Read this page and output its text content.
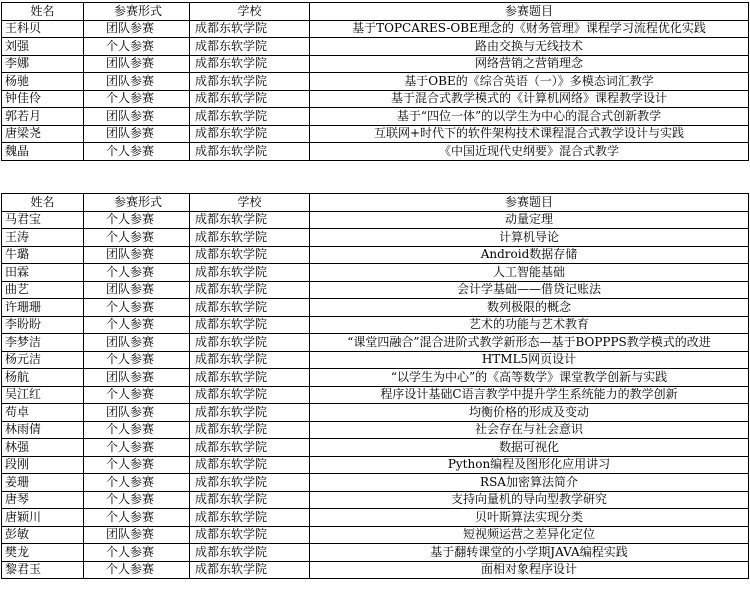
姓名	参赛形式	学校	参赛题目
王科贝	团队参赛	成都东软学院	基于TOPCARES-OBE理念的《财务管理》课程学习流程优化实践
刘强	个人参赛	成都东软学院	路由交换与无线技术
李娜	团队参赛	成都东软学院	网络营销之营销理念
杨驰	团队参赛	成都东软学院	基于OBE的《综合英语（一）》多模态词汇教学
钟佳伶	个人参赛	成都东软学院	基于混合式教学模式的《计算机网络》课程教学设计
郭若月	团队参赛	成都东软学院	基于“四位一体”的以学生为中心的混合式创新教学
唐梁尧	团队参赛	成都东软学院	互联网+时代下的软件架构技术课程混合式教学设计与实践
魏晶	个人参赛	成都东软学院	《中国近现代史纲要》混合式教学
姓名	参赛形式	学校	参赛题目
马君宝	个人参赛	成都东软学院	动量定理
王涛	个人参赛	成都东软学院	计算机导论
牛璐	团队参赛	成都东软学院	Android数据存储
田霖	个人参赛	成都东软学院	人工智能基础
曲艺	团队参赛	成都东软学院	会计学基础——借贷记账法
许珊珊	个人参赛	成都东软学院	数列极限的概念
李盼盼	个人参赛	成都东软学院	艺术的功能与艺术教育
李梦洁	团队参赛	成都东软学院	“课堂四融合”混合进阶式教学新形态—基于BOPPPS教学模式的改进
杨元洁	个人参赛	成都东软学院	HTML5网页设计
杨航	团队参赛	成都东软学院	“以学生为中心”的《高等数学》课堂教学创新与实践
吴江红	个人参赛	成都东软学院	程序设计基础C语言教学中提升学生系统能力的教学创新
苟卓	团队参赛	成都东软学院	均衡价格的形成及变动
林雨倩	个人参赛	成都东软学院	社会存在与社会意识
林强	个人参赛	成都东软学院	数据可视化
段刚	个人参赛	成都东软学院	Python编程及图形化应用讲习
姜珊	个人参赛	成都东软学院	RSA加密算法简介
唐琴	个人参赛	成都东软学院	支持向量机的导向型教学研究
唐颖川	个人参赛	成都东软学院	贝叶斯算法实现分类
彭敏	团队参赛	成都东软学院	短视频运营之差异化定位
樊龙	个人参赛	成都东软学院	基于翻转课堂的小学期JAVA编程实践
黎君玉	个人参赛	成都东软学院	面相对象程序设计
